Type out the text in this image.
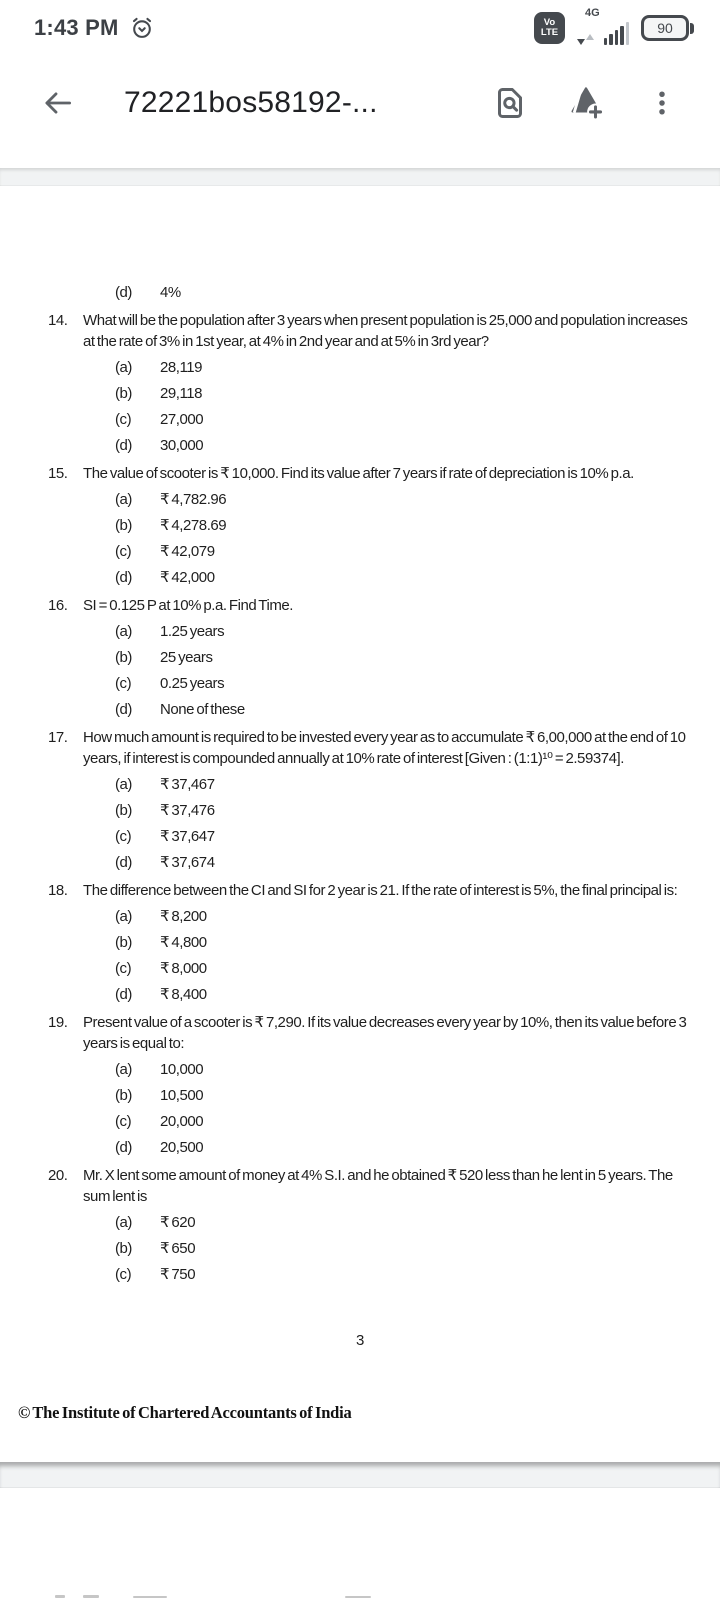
1:43 PM	Vo
LTE
4G
90
72221bos58192-...
(d)	4%
14.	What will be the population after 3 years when present population is 25,000 and population increases at the rate of 3% in 1st year, at 4% in 2nd year and at 5% in 3rd year?
(a)	28,119
(b)	29,118
(c)	27,000
(d)	30,000
15.	The value of scooter is ₹ 10,000. Find its value after 7 years if rate of depreciation is 10% p.a.
(a)	₹ 4,782.96
(b)	₹ 4,278.69
(c)	₹ 42,079
(d)	₹ 42,000
16.	SI = 0.125 P at 10% p.a. Find Time.
(a)	1.25 years
(b)	25 years
(c)	0.25 years
(d)	None of these
17.	How much amount is required to be invested every year as to accumulate ₹ 6,00,000 at the end of 10 years, if interest is compounded annually at 10% rate of interest [Given : (1:1)¹⁰ = 2.59374].
(a)	₹ 37,467
(b)	₹ 37,476
(c)	₹ 37,647
(d)	₹ 37,674
18.	The difference between the CI and SI for 2 year is 21. If the rate of interest is 5%, the final principal is:
(a)	₹ 8,200
(b)	₹ 4,800
(c)	₹ 8,000
(d)	₹ 8,400
19.	Present value of a scooter is ₹ 7,290. If its value decreases every year by 10%, then its value before 3 years is equal to:
(a)	10,000
(b)	10,500
(c)	20,000
(d)	20,500
20.	Mr. X lent some amount of money at 4% S.I. and he obtained ₹ 520 less than he lent in 5 years. The sum lent is
(a)	₹ 620
(b)	₹ 650
(c)	₹ 750
3
© The Institute of Chartered Accountants of India
